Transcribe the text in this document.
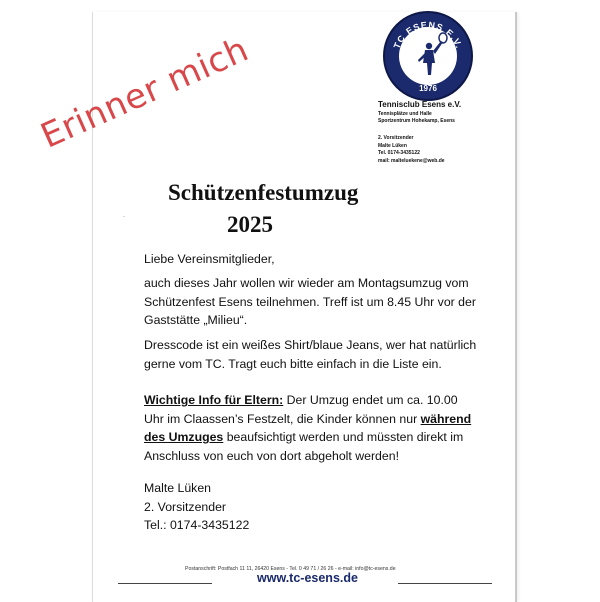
TC ESENS E.V.
1976

Tennisclub Esens e.V.

Tennisplätze und Halle

Sportzentrum Hohekamp, Esens

2. Vorsitzender
Malte Lüken
Tel. 0174-3435122
mail: malteluekene@web.de
Erinner mich
Schützenfestumzug
2025
‐

Liebe Vereinsmitglieder,

auch dieses Jahr wollen wir wieder am Montagsumzug vom Schützenfest Esens teilnehmen. Treff ist um 8.45 Uhr vor der Gaststätte „Milieu“.

Dresscode ist ein weißes Shirt/blaue Jeans, wer hat natürlich gerne vom TC. Tragt euch bitte einfach in die Liste ein.

Wichtige Info für Eltern: Der Umzug endet um ca. 10.00 Uhr im Claassen’s Festzelt, die Kinder können nur während des Umzuges beaufsichtigt werden und müssten direkt im Anschluss von euch von dort abgeholt werden!

Malte Lüken

2. Vorsitzender

Tel.: 0174-3435122

Postanschrift: Postfach 11 11, 26420 Esens - Tel. 0 49 71 / 26 26 - e-mail: info@tc-esens.de
www.tc-esens.de
